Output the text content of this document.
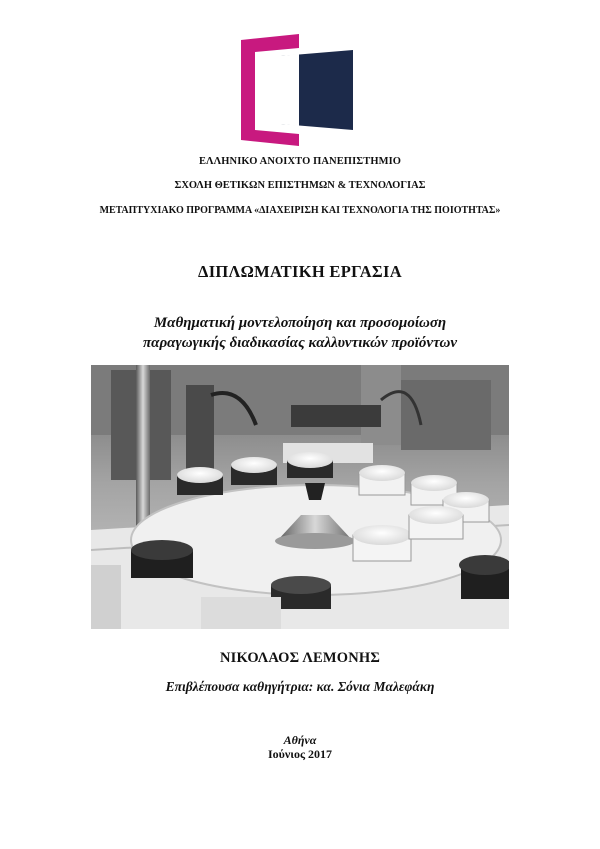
ΕΛΛΗΝΙΚΟ ΑΝΟΙΧΤΟ ΠΑΝΕΠΙΣΤΗΜΙΟ
ΣΧΟΛΗ ΘΕΤΙΚΩΝ ΕΠΙΣΤΗΜΩΝ & ΤΕΧΝΟΛΟΓΙΑΣ
ΜΕΤΑΠΤΥΧΙΑΚΟ ΠΡΟΓΡΑΜΜΑ «ΔΙΑΧΕΙΡΙΣΗ ΚΑΙ ΤΕΧΝΟΛΟΓΙΑ ΤΗΣ ΠΟΙΟΤΗΤΑΣ»
ΔΙΠΛΩΜΑΤΙΚΗ ΕΡΓΑΣΙΑ
Μαθηματική μοντελοποίηση και προσομοίωση
παραγωγικής διαδικασίας καλλυντικών προϊόντων
ΝΙΚΟΛΑΟΣ ΛΕΜΟΝΗΣ
Επιβλέπουσα καθηγήτρια: κα. Σόνια Μαλεφάκη
Αθήνα
Ιούνιος 2017
